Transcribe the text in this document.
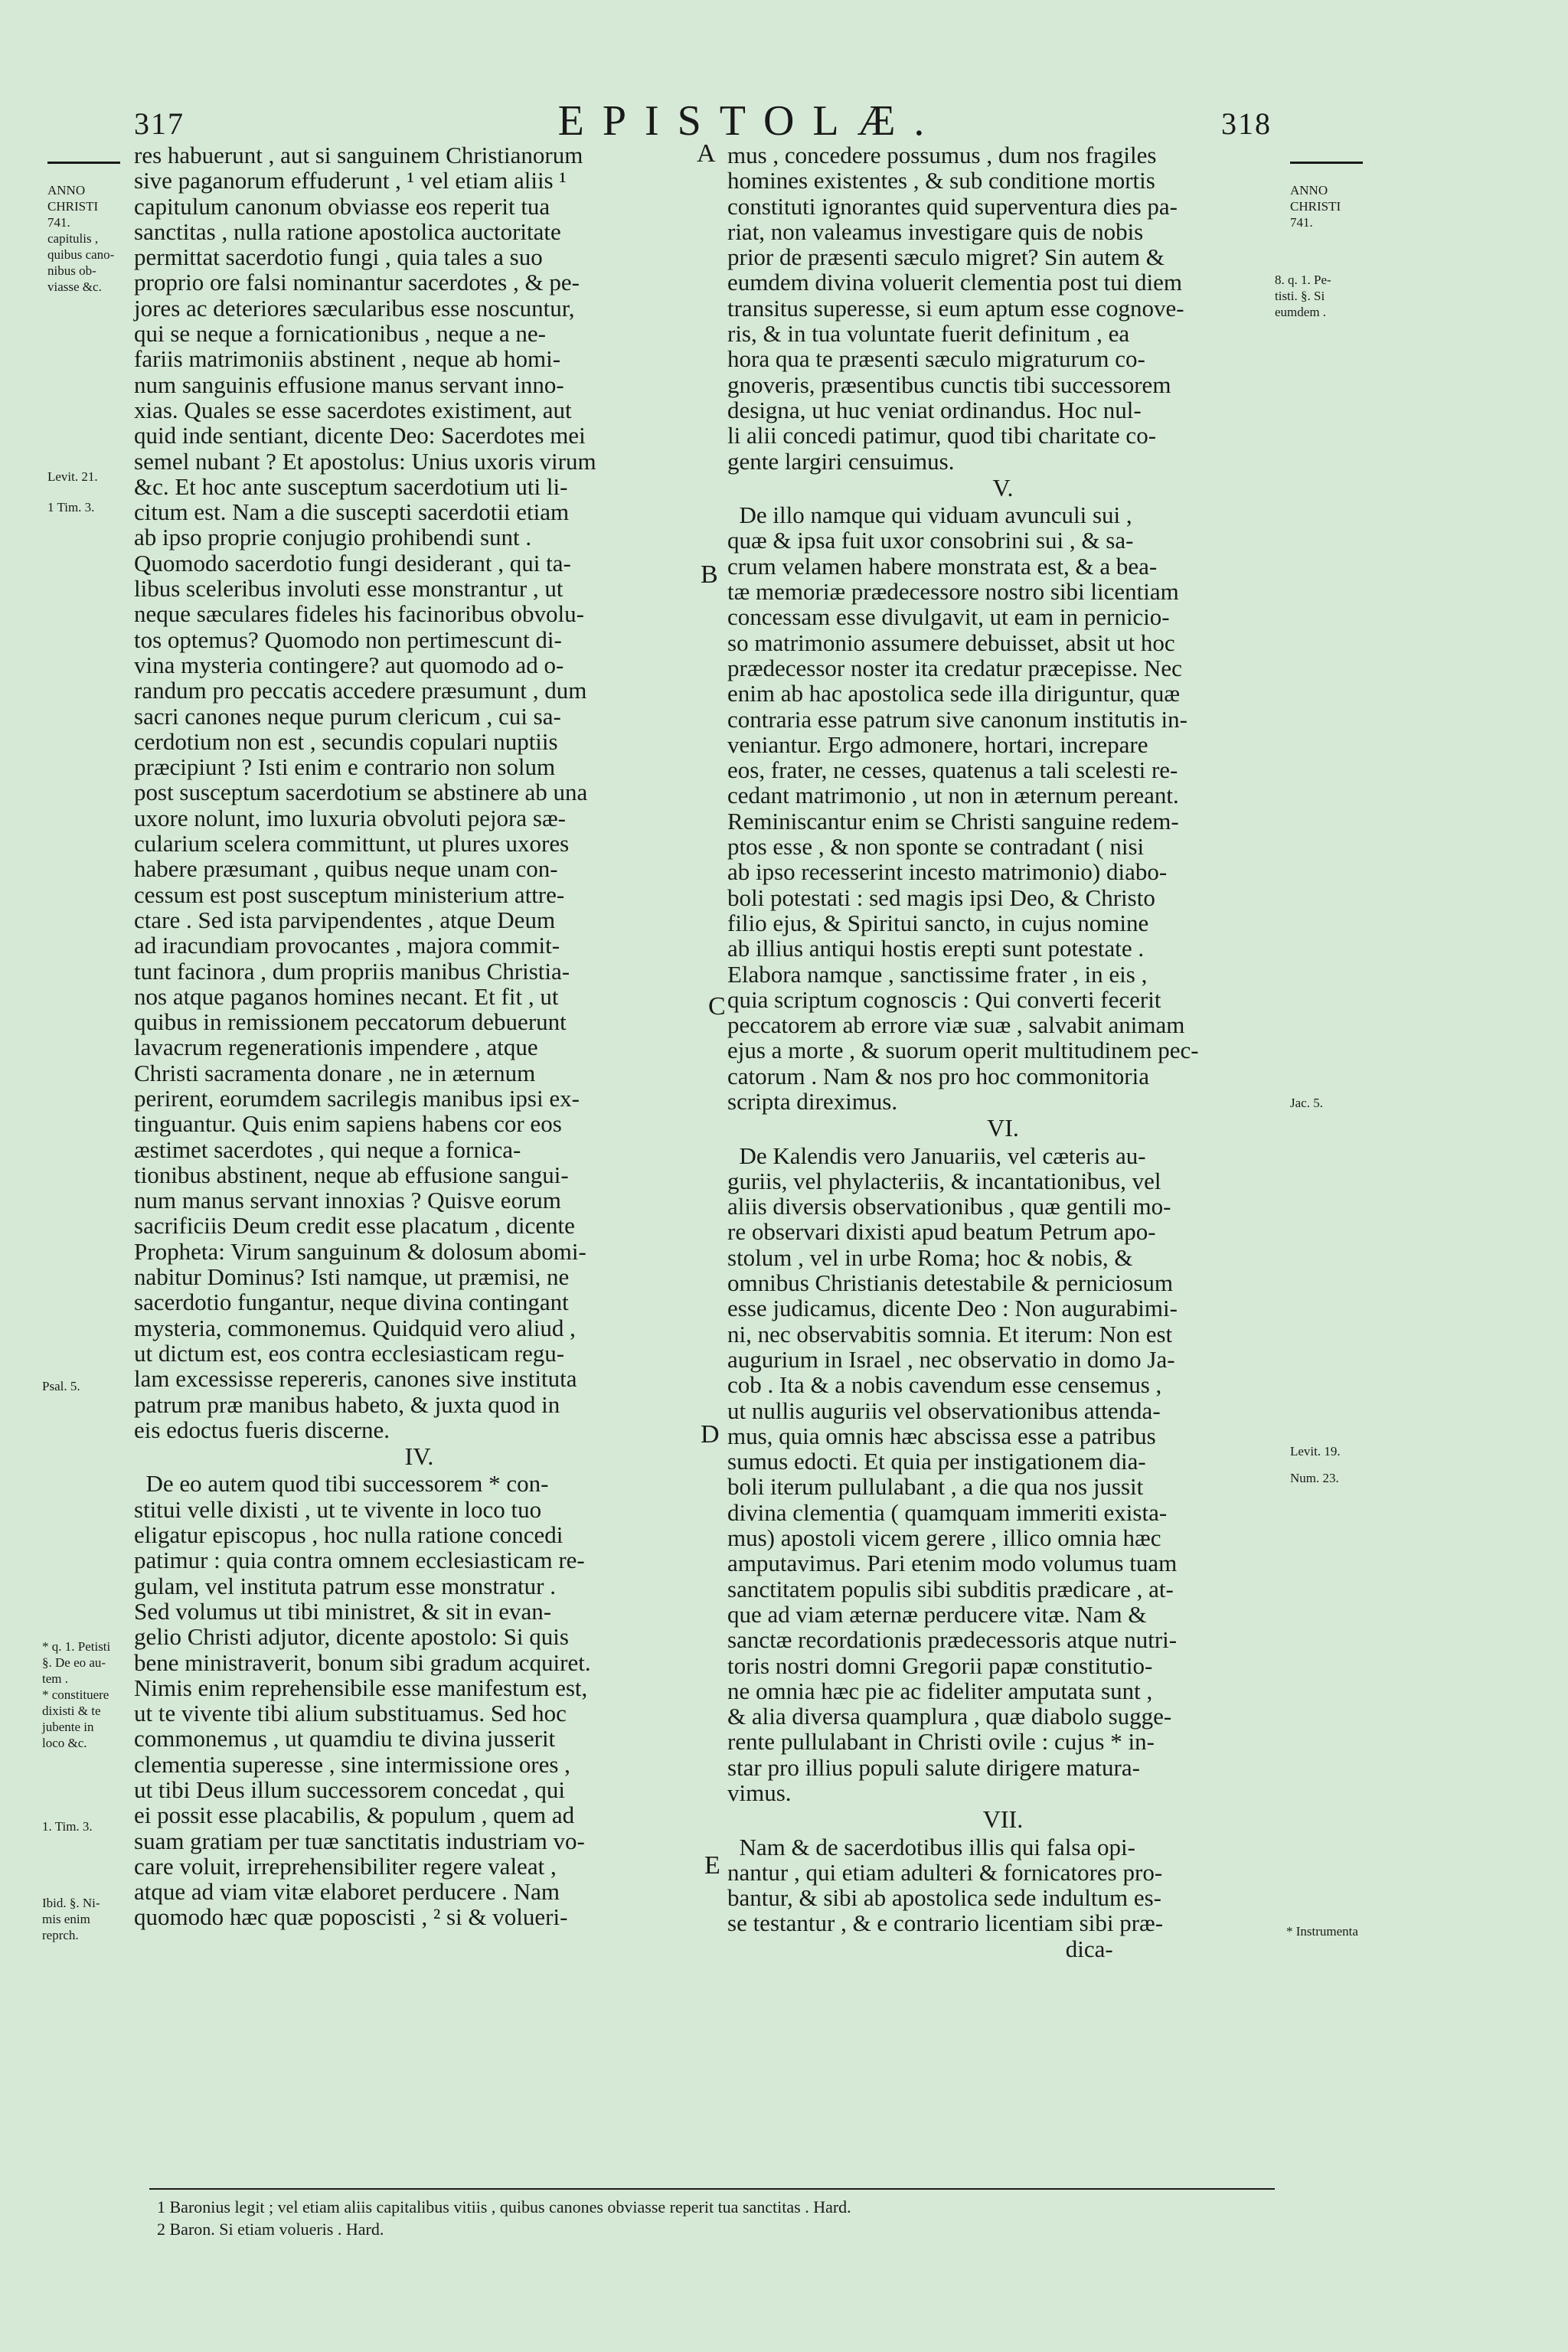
317	EPISTOLÆ.	318
res habuerunt , aut si sanguinem Christianorum
sive paganorum effuderunt , ¹ vel etiam aliis ¹
capitulum canonum obviasse eos reperit tua
sanctitas , nulla ratione apostolica auctoritate
permittat sacerdotio fungi , quia tales a suo
proprio ore falsi nominantur sacerdotes , & pe-
jores ac deteriores sæcularibus esse noscuntur,
qui se neque a fornicationibus , neque a ne-
fariis matrimoniis abstinent , neque ab homi-
num sanguinis effusione manus servant inno-
xias. Quales se esse sacerdotes existiment, aut
quid inde sentiant, dicente Deo: Sacerdotes mei
semel nubant ? Et apostolus: Unius uxoris virum
&c. Et hoc ante susceptum sacerdotium uti li-
citum est. Nam a die suscepti sacerdotii etiam
ab ipso proprie conjugio prohibendi sunt .
Quomodo sacerdotio fungi desiderant , qui ta-
libus sceleribus involuti esse monstrantur , ut
neque sæculares fideles his facinoribus obvolu-
tos optemus? Quomodo non pertimescunt di-
vina mysteria contingere? aut quomodo ad o-
randum pro peccatis accedere præsumunt , dum
sacri canones neque purum clericum , cui sa-
cerdotium non est , secundis copulari nuptiis
præcipiunt ? Isti enim e contrario non solum
post susceptum sacerdotium se abstinere ab una
uxore nolunt, imo luxuria obvoluti pejora sæ-
cularium scelera committunt, ut plures uxores
habere præsumant , quibus neque unam con-
cessum est post susceptum ministerium attre-
ctare . Sed ista parvipendentes , atque Deum
ad iracundiam provocantes , majora commit-
tunt facinora , dum propriis manibus Christia-
nos atque paganos homines necant. Et fit , ut
quibus in remissionem peccatorum debuerunt
lavacrum regenerationis impendere , atque
Christi sacramenta donare , ne in æternum
perirent, eorumdem sacrilegis manibus ipsi ex-
tinguantur. Quis enim sapiens habens cor eos
æstimet sacerdotes , qui neque a fornica-
tionibus abstinent, neque ab effusione sangui-
num manus servant innoxias ? Quisve eorum
sacrificiis Deum credit esse placatum , dicente
Propheta: Virum sanguinum & dolosum abomi-
nabitur Dominus? Isti namque, ut præmisi, ne
sacerdotio fungantur, neque divina contingant
mysteria, commonemus. Quidquid vero aliud ,
ut dictum est, eos contra ecclesiasticam regu-
lam excessisse repereris, canones sive instituta
patrum præ manibus habeto, & juxta quod in
eis edoctus fueris discerne.
IV.
De eo autem quod tibi successorem * con-
stitui velle dixisti , ut te vivente in loco tuo
eligatur episcopus , hoc nulla ratione concedi
patimur : quia contra omnem ecclesiasticam re-
gulam, vel instituta patrum esse monstratur .
Sed volumus ut tibi ministret, & sit in evan-
gelio Christi adjutor, dicente apostolo: Si quis
bene ministraverit, bonum sibi gradum acquiret.
Nimis enim reprehensibile esse manifestum est,
ut te vivente tibi alium substituamus. Sed hoc
commonemus , ut quamdiu te divina jusserit
clementia superesse , sine intermissione ores ,
ut tibi Deus illum successorem concedat , qui
ei possit esse placabilis, & populum , quem ad
suam gratiam per tuæ sanctitatis industriam vo-
care voluit, irreprehensibiliter regere valeat ,
atque ad viam vitæ elaboret perducere . Nam
quomodo hæc quæ poposcisti , ² si & volueri-
mus , concedere possumus , dum nos fragiles
homines existentes , & sub conditione mortis
constituti ignorantes quid superventura dies pa-
riat, non valeamus investigare quis de nobis
prior de præsenti sæculo migret? Sin autem &
eumdem divina voluerit clementia post tui diem
transitus superesse, si eum aptum esse cognove-
ris, & in tua voluntate fuerit definitum , ea
hora qua te præsenti sæculo migraturum co-
gnoveris, præsentibus cunctis tibi successorem
designa, ut huc veniat ordinandus. Hoc nul-
li alii concedi patimur, quod tibi charitate co-
gente largiri censuimus.
V.
De illo namque qui viduam avunculi sui ,
quæ & ipsa fuit uxor consobrini sui , & sa-
crum velamen habere monstrata est, & a bea-
tæ memoriæ prædecessore nostro sibi licentiam
concessam esse divulgavit, ut eam in pernicio-
so matrimonio assumere debuisset, absit ut hoc
prædecessor noster ita credatur præcepisse. Nec
enim ab hac apostolica sede illa diriguntur, quæ
contraria esse patrum sive canonum institutis in-
veniantur. Ergo admonere, hortari, increpare
eos, frater, ne cesses, quatenus a tali scelesti re-
cedant matrimonio , ut non in æternum pereant.
Reminiscantur enim se Christi sanguine redem-
ptos esse , & non sponte se contradant ( nisi
ab ipso recesserint incesto matrimonio) diabo-
boli potestati : sed magis ipsi Deo, & Christo
filio ejus, & Spiritui sancto, in cujus nomine
ab illius antiqui hostis erepti sunt potestate .
Elabora namque , sanctissime frater , in eis ,
quia scriptum cognoscis : Qui converti fecerit
peccatorem ab errore viæ suæ , salvabit animam
ejus a morte , & suorum operit multitudinem pec-
catorum . Nam & nos pro hoc commonitoria
scripta direximus.
VI.
De Kalendis vero Januariis, vel cæteris au-
guriis, vel phylacteriis, & incantationibus, vel
aliis diversis observationibus , quæ gentili mo-
re observari dixisti apud beatum Petrum apo-
stolum , vel in urbe Roma; hoc & nobis, &
omnibus Christianis detestabile & perniciosum
esse judicamus, dicente Deo : Non augurabimi-
ni, nec observabitis somnia. Et iterum: Non est
augurium in Israel , nec observatio in domo Ja-
cob . Ita & a nobis cavendum esse censemus ,
ut nullis auguriis vel observationibus attenda-
mus, quia omnis hæc abscissa esse a patribus
sumus edocti. Et quia per instigationem dia-
boli iterum pullulabant , a die qua nos jussit
divina clementia ( quamquam immeriti exista-
mus) apostoli vicem gerere , illico omnia hæc
amputavimus. Pari etenim modo volumus tuam
sanctitatem populis sibi subditis prædicare , at-
que ad viam æternæ perducere vitæ. Nam &
sanctæ recordationis prædecessoris atque nutri-
toris nostri domni Gregorii papæ constitutio-
ne omnia hæc pie ac fideliter amputata sunt ,
& alia diversa quamplura , quæ diabolo sugge-
rente pullulabant in Christi ovile : cujus * in-
star pro illius populi salute dirigere matura-
vimus.
VII.
Nam & de sacerdotibus illis qui falsa opi-
nantur , qui etiam adulteri & fornicatores pro-
bantur, & sibi ab apostolica sede indultum es-
se testantur , & e contrario licentiam sibi præ-
dica-
ANNO
CHRISTI
741.
capitulis ,
quibus cano-
nibus ob-
viasse &c.
Levit. 21.
1 Tim. 3.
Psal. 5.
* q. 1. Petisti
§. De eo au-
tem .
* constituere
dixisti & te
jubente in
loco &c.
1. Tim. 3.
Ibid. §. Ni-
mis enim
reprch.
ANNO
CHRISTI
741.
8. q. 1. Pe-
tisti. §. Si
eumdem .
Jac. 5.
Levit. 19.
Num. 23.
* Instrumenta
A
B
C
D
E
1 Baronius legit ; vel etiam aliis capitalibus vitiis , quibus canones obviasse reperit tua sanctitas . Hard.
2 Baron. Si etiam volueris . Hard.
